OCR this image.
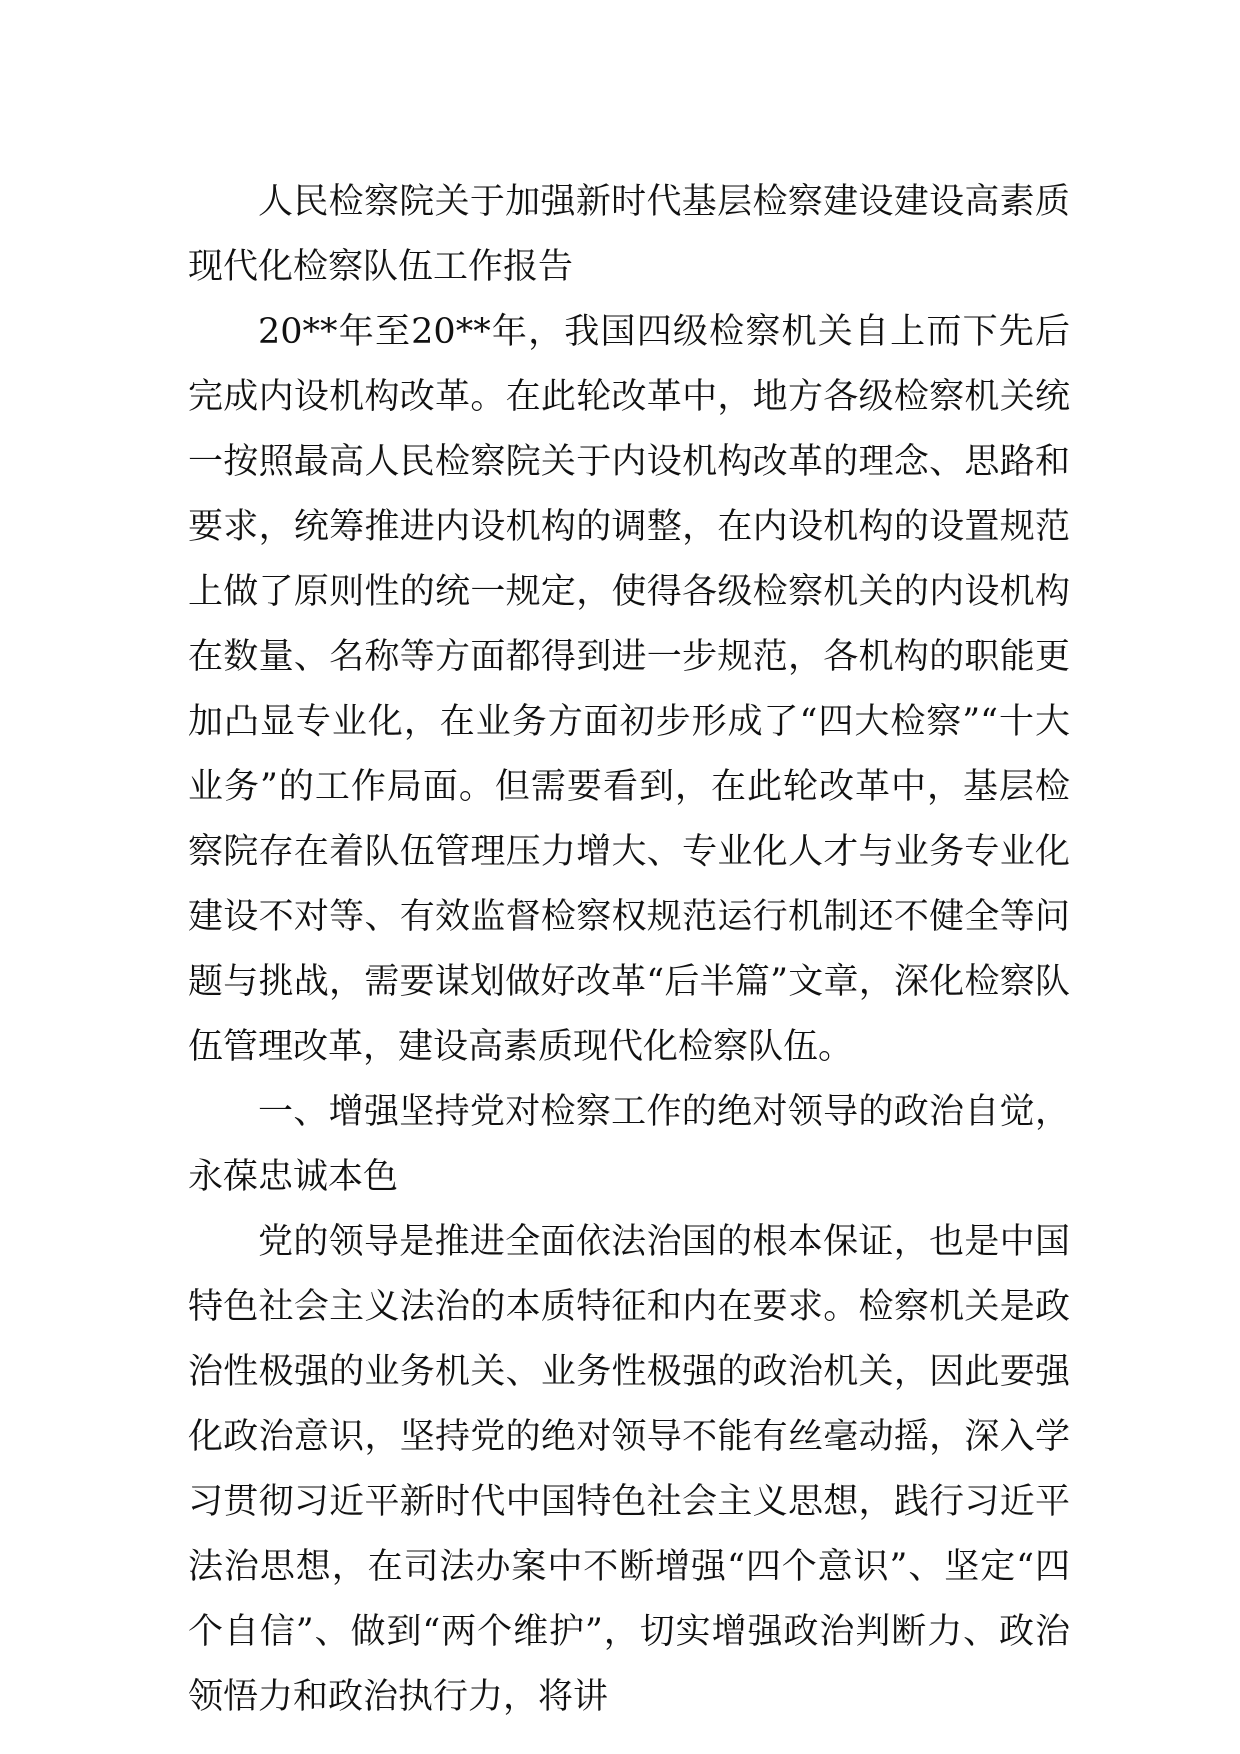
人民检察院关于加强新时代基层检察建设建设高素质现代化检察队伍工作报告

20**年至20**年，我国四级检察机关自上而下先后完成内设机构改革。在此轮改革中，地方各级检察机关统一按照最高人民检察院关于内设机构改革的理念、思路和要求，统筹推进内设机构的调整，在内设机构的设置规范上做了原则性的统一规定，使得各级检察机关的内设机构在数量、名称等方面都得到进一步规范，各机构的职能更加凸显专业化，在业务方面初步形成了“四大检察”“十大业务”的工作局面。但需要看到，在此轮改革中，基层检察院存在着队伍管理压力增大、专业化人才与业务专业化建设不对等、有效监督检察权规范运行机制还不健全等问题与挑战，需要谋划做好改革“后半篇”文章，深化检察队伍管理改革，建设高素质现代化检察队伍。

一、增强坚持党对检察工作的绝对领导的政治自觉，永葆忠诚本色

党的领导是推进全面依法治国的根本保证，也是中国特色社会主义法治的本质特征和内在要求。检察机关是政治性极强的业务机关、业务性极强的政治机关，因此要强化政治意识，坚持党的绝对领导不能有丝毫动摇，深入学习贯彻习近平新时代中国特色社会主义思想，践行习近平法治思想，在司法办案中不断增强“四个意识”、坚定“四个自信”、做到“两个维护”，切实增强政治判断力、政治领悟力和政治执行力，将讲
